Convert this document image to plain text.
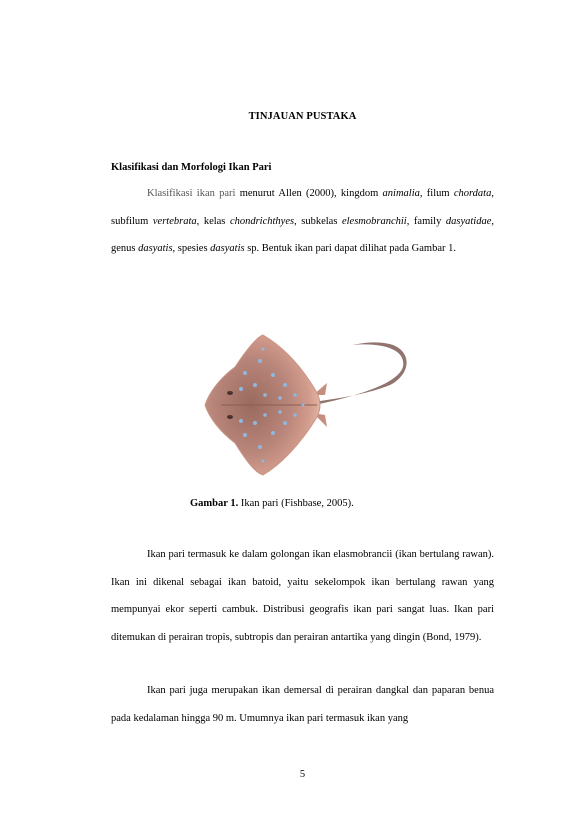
TINJAUAN PUSTAKA
Klasifikasi dan Morfologi Ikan Pari

Klasifikasi ikan pari menurut Allen (2000), kingdom animalia, filum chordata, subfilum vertebrata, kelas chondrichthyes, subkelas elesmobranchii, family dasyatidae, genus dasyatis, spesies dasyatis sp. Bentuk ikan pari dapat dilihat pada Gambar 1.

Gambar 1. Ikan pari (Fishbase, 2005).

Ikan pari termasuk ke dalam golongan ikan elasmobrancii (ikan bertulang rawan). Ikan ini dikenal sebagai ikan batoid, yaitu sekelompok ikan bertulang rawan yang mempunyai ekor seperti cambuk. Distribusi geografis ikan pari sangat luas. Ikan pari ditemukan di perairan tropis, subtropis dan perairan antartika yang dingin (Bond, 1979).

Ikan pari juga merupakan ikan demersal di perairan dangkal dan paparan benua pada kedalaman hingga 90 m. Umumnya ikan pari termasuk ikan yang

5
